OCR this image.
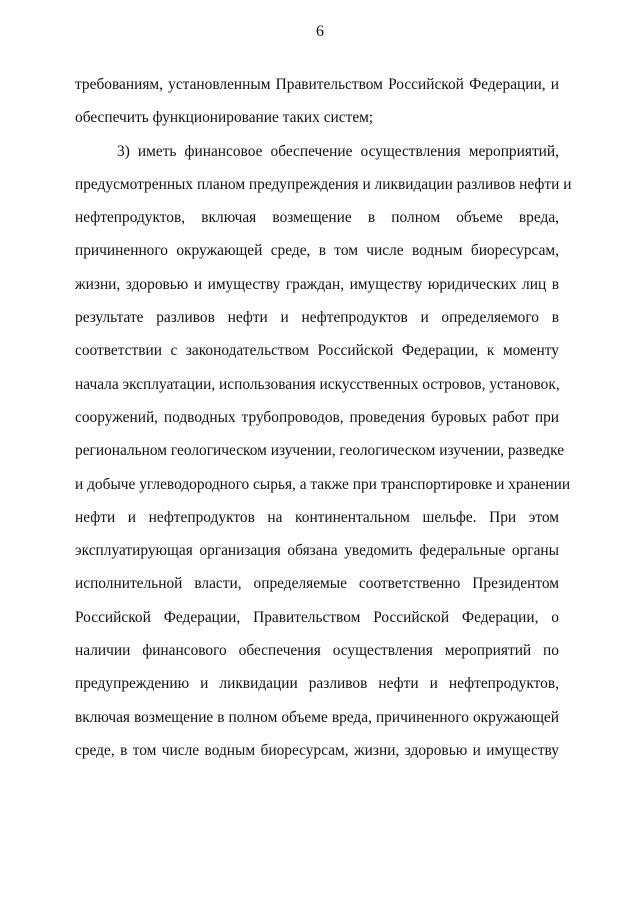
6
требованиям, установленным Правительством Российской Федерации, и
обеспечить функционирование таких систем;
3) иметь финансовое обеспечение осуществления мероприятий,
предусмотренных планом предупреждения и ликвидации разливов нефти и
нефтепродуктов, включая возмещение в полном объеме вреда,
причиненного окружающей среде, в том числе водным биоресурсам,
жизни, здоровью и имуществу граждан, имуществу юридических лиц в
результате разливов нефти и нефтепродуктов и определяемого в
соответствии с законодательством Российской Федерации, к моменту
начала эксплуатации, использования искусственных островов, установок,
сооружений, подводных трубопроводов, проведения буровых работ при
региональном геологическом изучении, геологическом изучении, разведке
и добыче углеводородного сырья, а также при транспортировке и хранении
нефти и нефтепродуктов на континентальном шельфе. При этом
эксплуатирующая организация обязана уведомить федеральные органы
исполнительной власти, определяемые соответственно Президентом
Российской Федерации, Правительством Российской Федерации, о
наличии финансового обеспечения осуществления мероприятий по
предупреждению и ликвидации разливов нефти и нефтепродуктов,
включая возмещение в полном объеме вреда, причиненного окружающей
среде, в том числе водным биоресурсам, жизни, здоровью и имуществу
